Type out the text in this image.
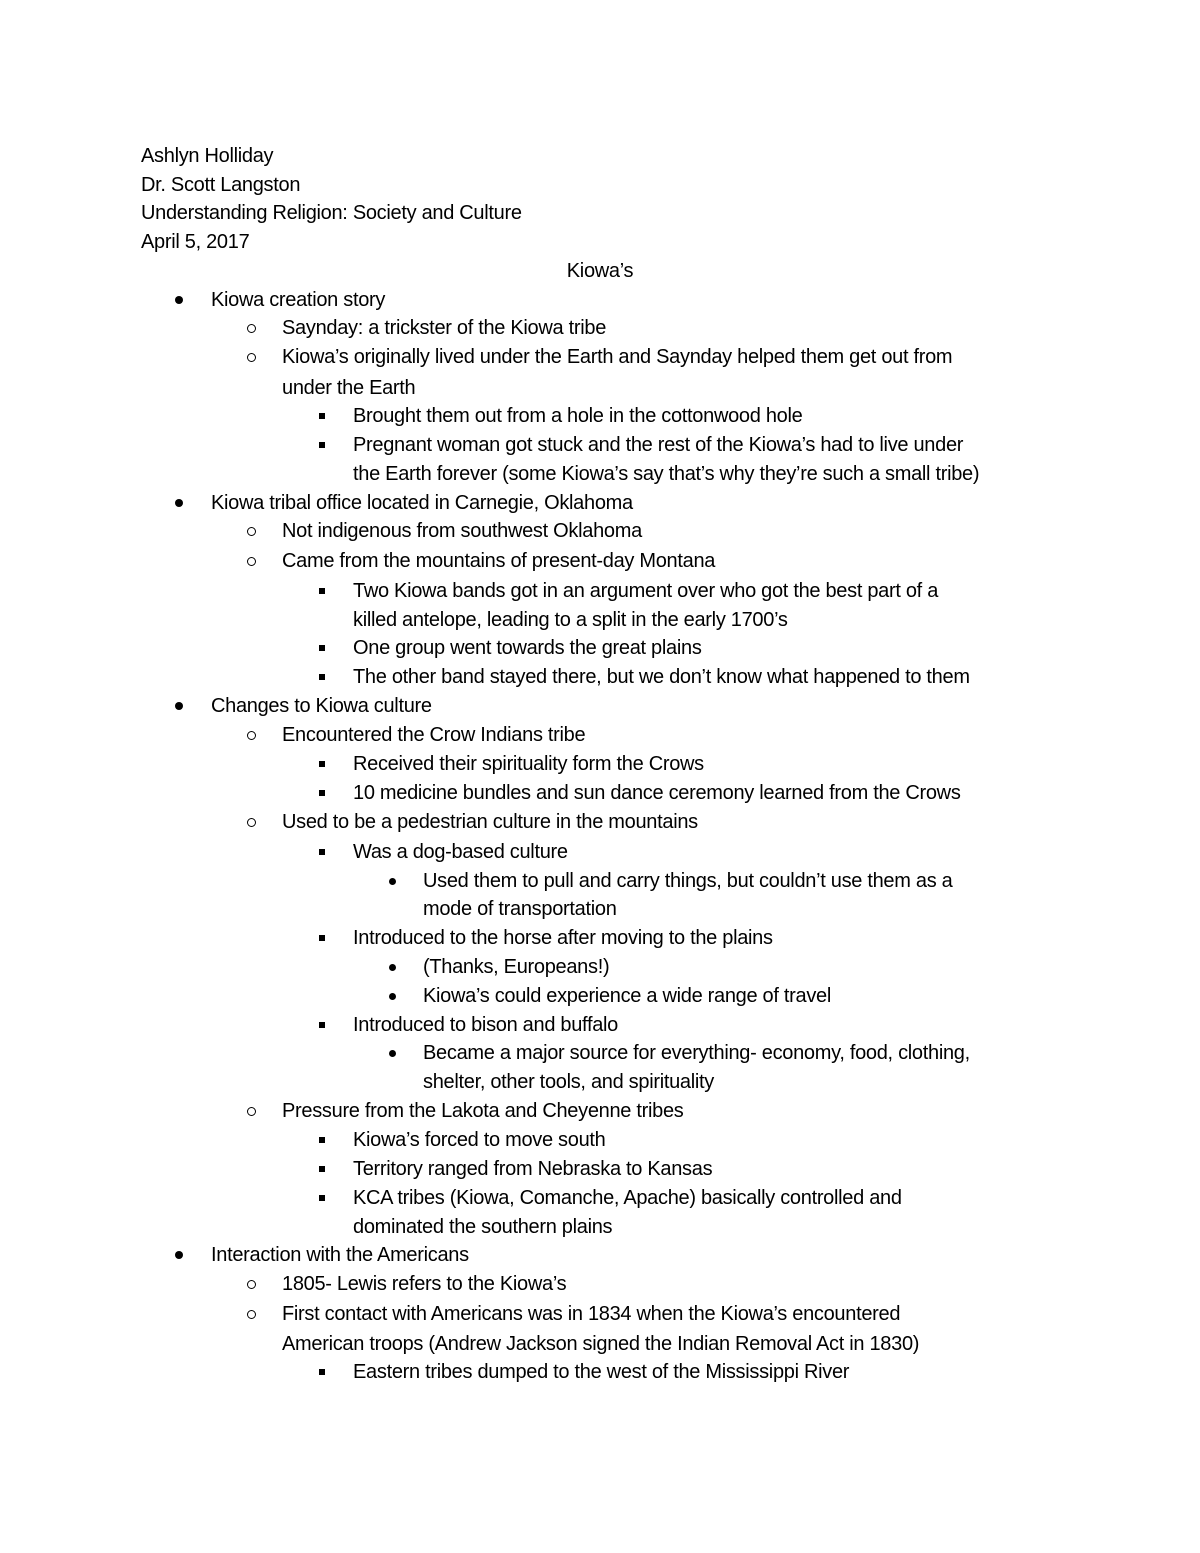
Ashlyn Holliday
Dr. Scott Langston
Understanding Religion: Society and Culture
April 5, 2017
Kiowa’s
Kiowa creation story
Saynday: a trickster of the Kiowa tribe
Kiowa’s originally lived under the Earth and Saynday helped them get out from
under the Earth
Brought them out from a hole in the cottonwood hole
Pregnant woman got stuck and the rest of the Kiowa’s had to live under
the Earth forever (some Kiowa’s say that’s why they’re such a small tribe)
Kiowa tribal office located in Carnegie, Oklahoma
Not indigenous from southwest Oklahoma
Came from the mountains of present-day Montana
Two Kiowa bands got in an argument over who got the best part of a
killed antelope, leading to a split in the early 1700’s
One group went towards the great plains
The other band stayed there, but we don’t know what happened to them
Changes to Kiowa culture
Encountered the Crow Indians tribe
Received their spirituality form the Crows
10 medicine bundles and sun dance ceremony learned from the Crows
Used to be a pedestrian culture in the mountains
Was a dog-based culture
Used them to pull and carry things, but couldn’t use them as a
mode of transportation
Introduced to the horse after moving to the plains
(Thanks, Europeans!)
Kiowa’s could experience a wide range of travel
Introduced to bison and buffalo
Became a major source for everything- economy, food, clothing,
shelter, other tools, and spirituality
Pressure from the Lakota and Cheyenne tribes
Kiowa’s forced to move south
Territory ranged from Nebraska to Kansas
KCA tribes (Kiowa, Comanche, Apache) basically controlled and
dominated the southern plains
Interaction with the Americans
1805- Lewis refers to the Kiowa’s
First contact with Americans was in 1834 when the Kiowa’s encountered
American troops (Andrew Jackson signed the Indian Removal Act in 1830)
Eastern tribes dumped to the west of the Mississippi River
